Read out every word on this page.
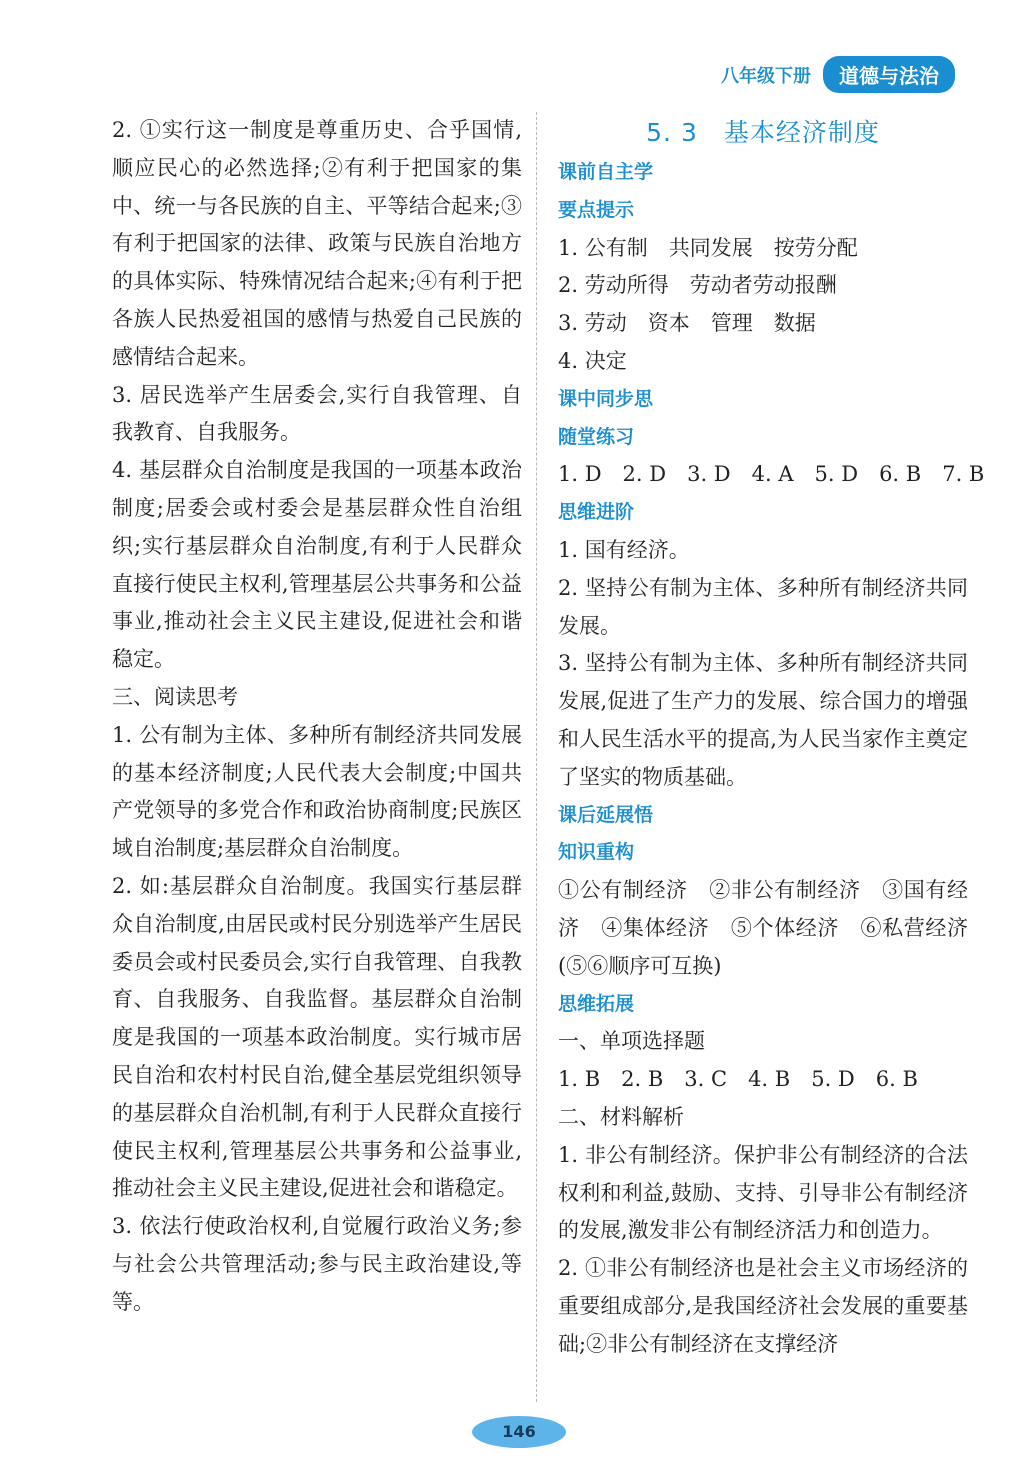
八年级下册	道德与法治

2. ①实行这一制度是尊重历史、合乎国情,顺应民心的必然选择;②有利于把国家的集中、统一与各民族的自主、平等结合起来;③有利于把国家的法律、政策与民族自治地方的具体实际、特殊情况结合起来;④有利于把各族人民热爱祖国的感情与热爱自己民族的感情结合起来。

3. 居民选举产生居委会,实行自我管理、自我教育、自我服务。

4. 基层群众自治制度是我国的一项基本政治制度;居委会或村委会是基层群众性自治组织;实行基层群众自治制度,有利于人民群众直接行使民主权利,管理基层公共事务和公益事业,推动社会主义民主建设,促进社会和谐稳定。

三、阅读思考

1. 公有制为主体、多种所有制经济共同发展的基本经济制度;人民代表大会制度;中国共产党领导的多党合作和政治协商制度;民族区域自治制度;基层群众自治制度。

2. 如:基层群众自治制度。我国实行基层群众自治制度,由居民或村民分别选举产生居民委员会或村民委员会,实行自我管理、自我教育、自我服务、自我监督。基层群众自治制度是我国的一项基本政治制度。实行城市居民自治和农村村民自治,健全基层党组织领导的基层群众自治机制,有利于人民群众直接行使民主权利,管理基层公共事务和公益事业,推动社会主义民主建设,促进社会和谐稳定。

3. 依法行使政治权利,自觉履行政治义务;参与社会公共管理活动;参与民主政治建设,等等。

5. 3　基本经济制度

课前自主学

要点提示

1. 公有制　共同发展　按劳分配

2. 劳动所得　劳动者劳动报酬

3. 劳动　资本　管理　数据

4. 决定

课中同步思

随堂练习

1. D　2. D　3. D　4. A　5. D　6. B　7. B

思维进阶

1. 国有经济。

2. 坚持公有制为主体、多种所有制经济共同发展。

3. 坚持公有制为主体、多种所有制经济共同发展,促进了生产力的发展、综合国力的增强和人民生活水平的提高,为人民当家作主奠定了坚实的物质基础。

课后延展悟

知识重构

①公有制经济　②非公有制经济　③国有经济　④集体经济　⑤个体经济　⑥私营经济(⑤⑥顺序可互换)

思维拓展

一、单项选择题

1. B　2. B　3. C　4. B　5. D　6. B

二、材料解析

1. 非公有制经济。保护非公有制经济的合法权利和利益,鼓励、支持、引导非公有制经济的发展,激发非公有制经济活力和创造力。

2. ①非公有制经济也是社会主义市场经济的重要组成部分,是我国经济社会发展的重要基础;②非公有制经济在支撑经济

146
